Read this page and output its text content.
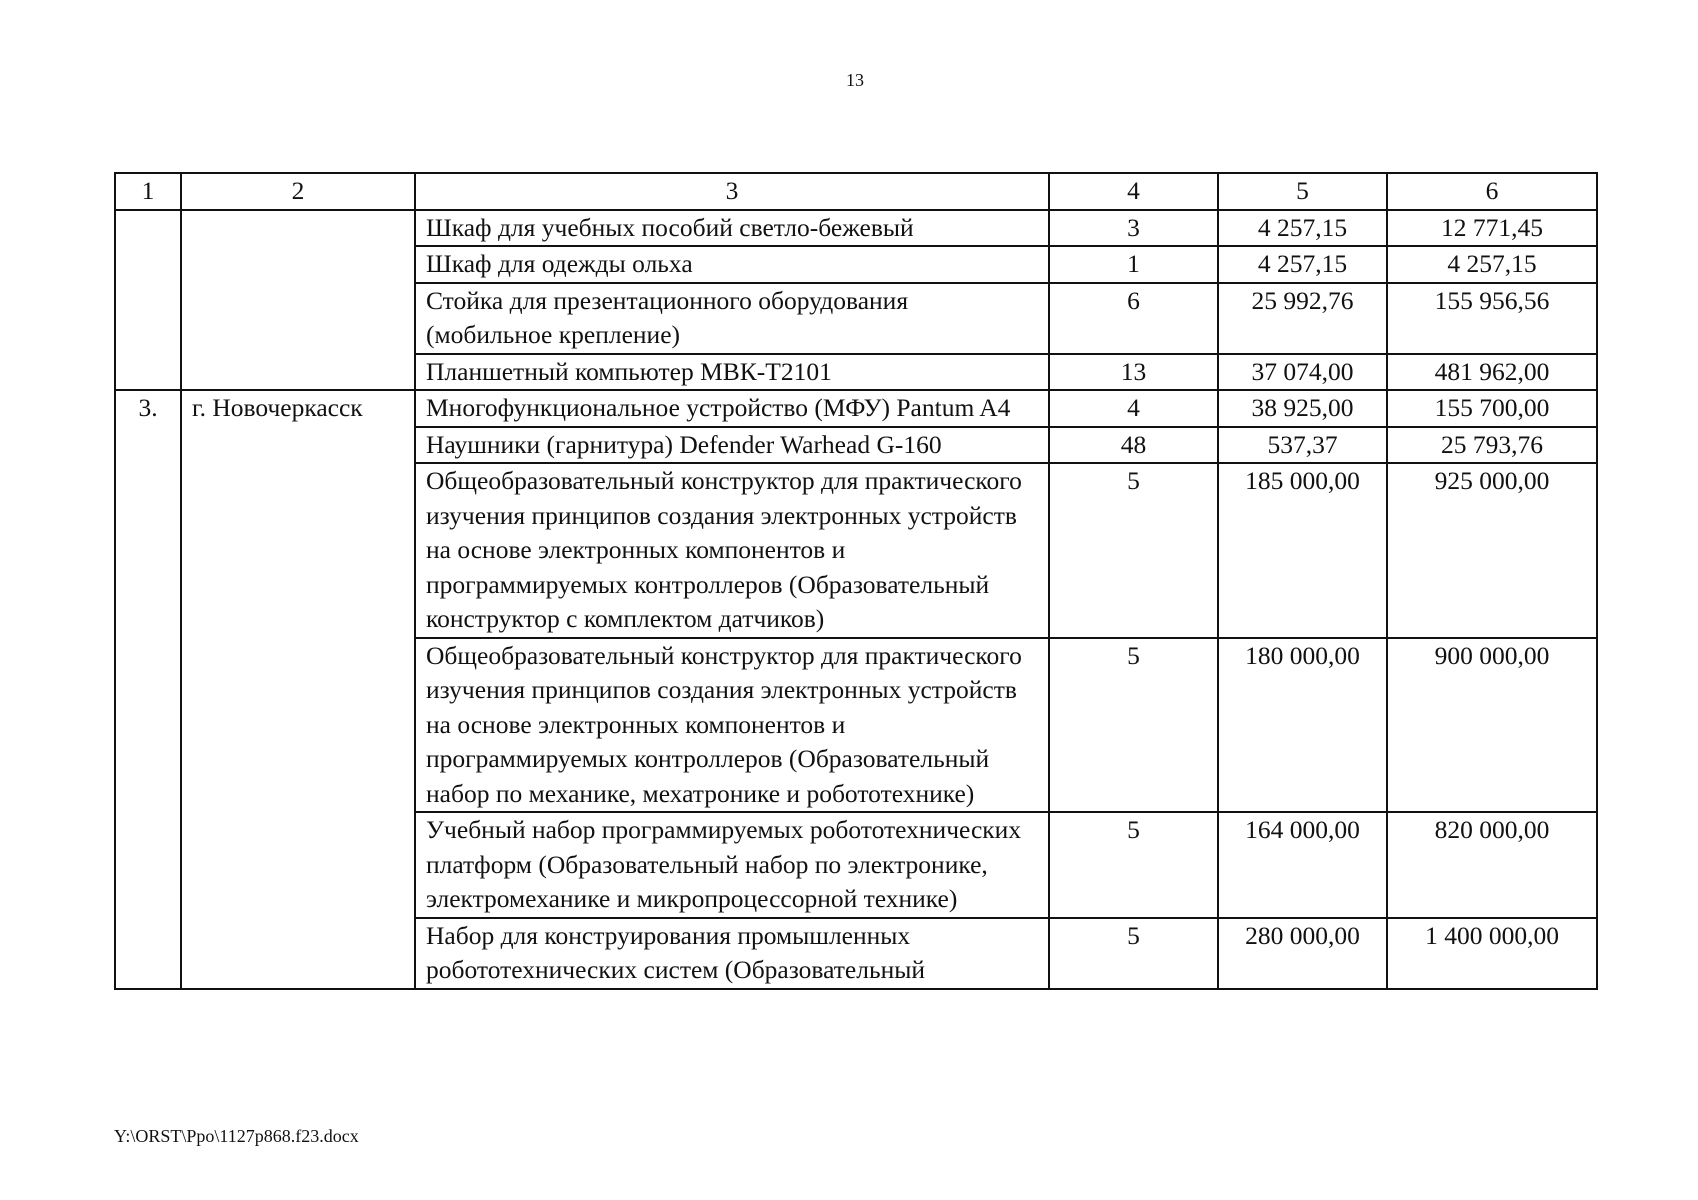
13
1	2	3	4	5	6
		Шкаф для учебных пособий светло-бежевый	3	4 257,15	12 771,45
		Шкаф для одежды ольха	1	4 257,15	4 257,15
		Стойка для презентационного оборудования (мобильное крепление)	6	25 992,76	155 956,56
		Планшетный компьютер МВК-Т2101	13	37 074,00	481 962,00
3.	г. Новочеркасск	Многофункциональное устройство (МФУ) Pantum A4	4	38 925,00	155 700,00
		Наушники (гарнитура) Defender Warhead G-160	48	537,37	25 793,76
		Общеобразовательный конструктор для практического изучения принципов создания электронных устройств на основе электронных компонентов и программируемых контроллеров (Образовательный конструктор с комплектом датчиков)	5	185 000,00	925 000,00
		Общеобразовательный конструктор для практического изучения принципов создания электронных устройств на основе электронных компонентов и программируемых контроллеров (Образовательный набор по механике, мехатронике и робототехнике)	5	180 000,00	900 000,00
		Учебный набор программируемых робототехнических платформ (Образовательный набор по электронике, электромеханике и микропроцессорной технике)	5	164 000,00	820 000,00
		Набор для конструирования промышленных робототехнических систем (Образовательный	5	280 000,00	1 400 000,00
Y:\ORST\Ppo\1127p868.f23.docx
